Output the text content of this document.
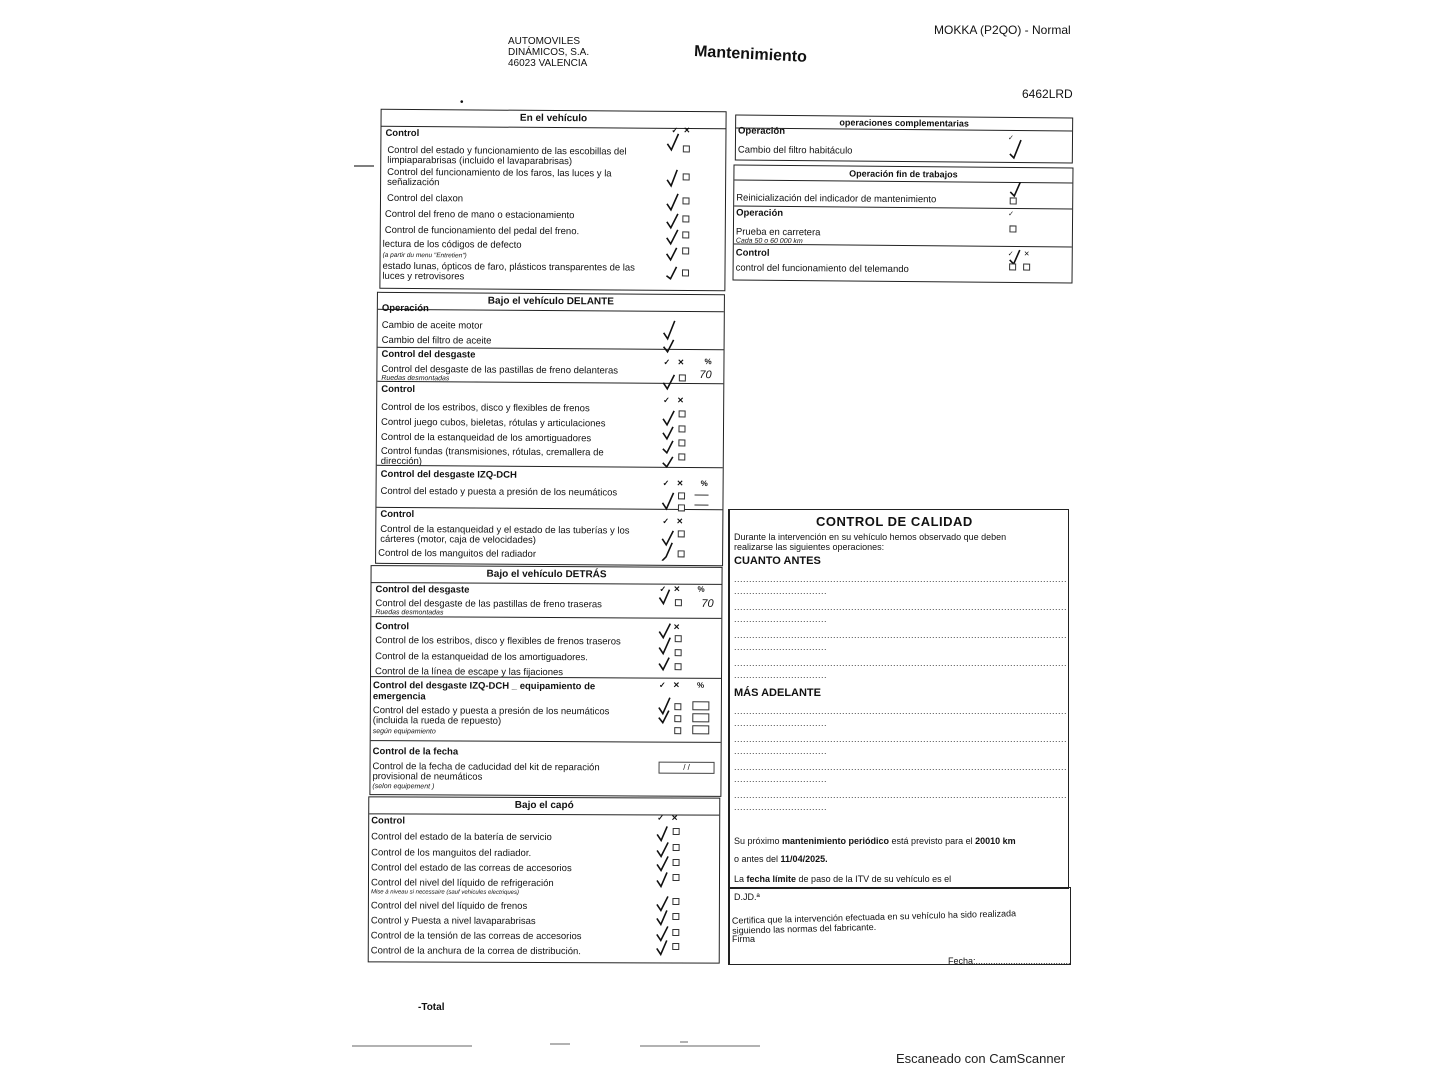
AUTOMOVILES
DINÁMICOS, S.A.
46023 VALENCIA	Mantenimiento
MOKKA (P2QO) - Normal
6462LRD
•
En el vehículo
Control	✓ ✕
Control del estado y funcionamiento de las escobillas del
limpiaparabrisas (incluido el lavaparabrisas)
Control del funcionamiento de los faros, las luces y la
señalización
Control del claxon
Control del freno de mano o estacionamiento
Control de funcionamiento del pedal del freno.
lectura de los códigos de defecto
(a partir du menu "Entretien")
estado lunas, ópticos de faro, plásticos transparentes de las
luces y retrovisores
Bajo el vehículo DELANTE
Operación
Cambio de aceite motor
Cambio del filtro de aceite
Control del desgaste
Control del desgaste de las pastillas de freno delanteras
Ruedas desmontadas
%
70
Control
Control de los estribos, disco y flexibles de frenos
Control juego cubos, bieletas, rótulas y articulaciones
Control de la estanqueidad de los amortiguadores
Control fundas (transmisiones, rótulas, cremallera de
dirección)
Control del desgaste IZQ-DCH
Control del estado y puesta a presión de los neumáticos
Control
Control de la estanqueidad y el estado de las tuberías y los
cárteres (motor, caja de velocidades)
Control de los manguitos del radiador
✓ ✕
✓ ✕
✓ ✕ %
✓ ✕
Bajo el vehículo DETRÁS
Control del desgaste
Control del desgaste de las pastillas de freno traseras
Ruedas desmontadas
70
Control
Control de los estribos, disco y flexibles de frenos traseros
Control de la estanqueidad de los amortiguadores.
Control de la línea de escape y las fijaciones
Control del desgaste IZQ-DCH _ equipamiento de
emergencia
Control del estado y puesta a presión de los neumáticos
(incluida la rueda de repuesto)
según equipamiento
Control de la fecha
Control de la fecha de caducidad del kit de reparación
provisional de neumáticos
(selon equipement )
/ /
✓ ✕ %
✕
✓ ✕ %
Bajo el capó
Control
Control del estado de la batería de servicio
Control de los manguitos del radiador.
Control del estado de las correas de accesorios
Control del nivel del líquido de refrigeración
Mise à niveau si necessaire (sauf vehicules electriques)
Control del nivel del líquido de frenos
Control y Puesta a nivel lavaparabrisas
Control de la tensión de las correas de accesorios
Control de la anchura de la correa de distribución.
✓ ✕
operaciones complementarias
Operación
Cambio del filtro habitáculo
✓
Operación fin de trabajos
Reinicialización del indicador de mantenimiento
Operación
Prueba en carretera
Cada 50 o 60 000 km
Control
control del funcionamiento del telemando
✓
✓ ✕
CONTROL DE CALIDAD
Durante la intervención en su vehículo hemos observado que deben
realizarse las siguientes operaciones:
CUANTO ANTES
...............................................................................................................
...............................
...............................................................................................................
...............................
...............................................................................................................
...............................
...............................................................................................................
...............................
MÁS ADELANTE
...............................................................................................................
...............................
...............................................................................................................
...............................
...............................................................................................................
...............................
...............................................................................................................
...............................
Su próximo mantenimiento periódico está previsto para el 20010 km
o antes del 11/04/2025.
La fecha límite de paso de la ITV de su vehículo es el
D.JD.ª
Certifica que la intervención efectuada en su vehículo ha sido realizada
siguiendo las normas del fabricante.
Firma
Fecha:......................................
-Total
Escaneado con CamScanner
